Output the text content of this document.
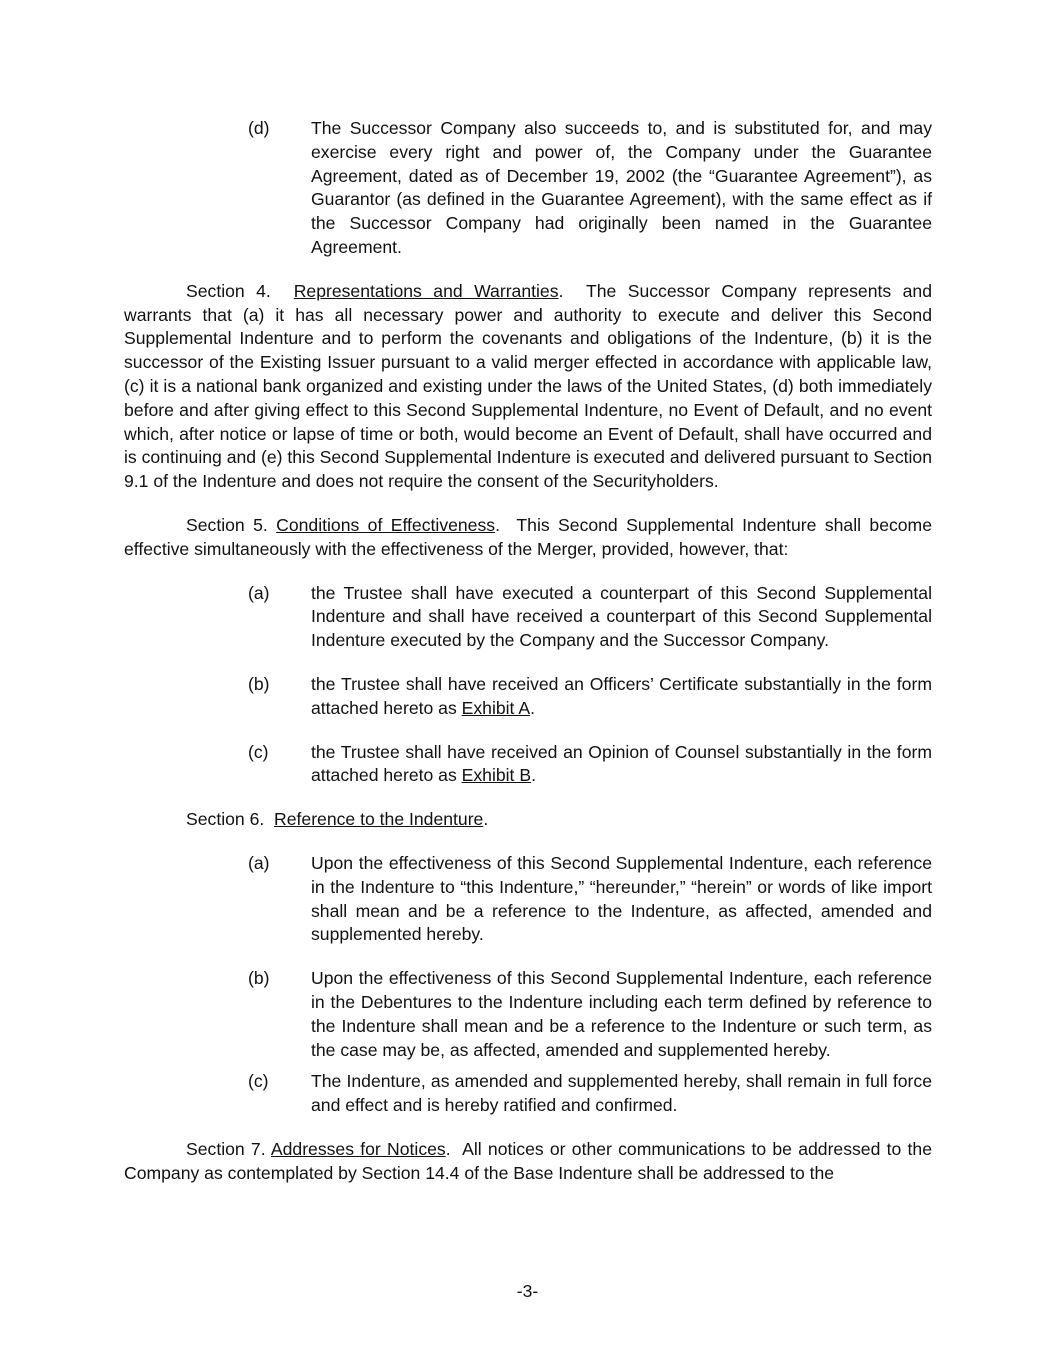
(d) The Successor Company also succeeds to, and is substituted for, and may exercise every right and power of, the Company under the Guarantee Agreement, dated as of December 19, 2002 (the “Guarantee Agreement”), as Guarantor (as defined in the Guarantee Agreement), with the same effect as if the Successor Company had originally been named in the Guarantee Agreement.
Section 4. Representations and Warranties.  The Successor Company represents and warrants that (a) it has all necessary power and authority to execute and deliver this Second Supplemental Indenture and to perform the covenants and obligations of the Indenture, (b) it is the successor of the Existing Issuer pursuant to a valid merger effected in accordance with applicable law, (c) it is a national bank organized and existing under the laws of the United States, (d) both immediately before and after giving effect to this Second Supplemental Indenture, no Event of Default, and no event which, after notice or lapse of time or both, would become an Event of Default, shall have occurred and is continuing and (e) this Second Supplemental Indenture is executed and delivered pursuant to Section 9.1 of the Indenture and does not require the consent of the Securityholders.
Section 5. Conditions of Effectiveness.  This Second Supplemental Indenture shall become effective simultaneously with the effectiveness of the Merger, provided, however, that:
(a) the Trustee shall have executed a counterpart of this Second Supplemental Indenture and shall have received a counterpart of this Second Supplemental Indenture executed by the Company and the Successor Company.
(b) the Trustee shall have received an Officers’ Certificate substantially in the form attached hereto as Exhibit A.
(c) the Trustee shall have received an Opinion of Counsel substantially in the form attached hereto as Exhibit B.
Section 6. Reference to the Indenture.
(a) Upon the effectiveness of this Second Supplemental Indenture, each reference in the Indenture to “this Indenture,” “hereunder,” “herein” or words of like import shall mean and be a reference to the Indenture, as affected, amended and supplemented hereby.
(b) Upon the effectiveness of this Second Supplemental Indenture, each reference in the Debentures to the Indenture including each term defined by reference to the Indenture shall mean and be a reference to the Indenture or such term, as the case may be, as affected, amended and supplemented hereby.
(c) The Indenture, as amended and supplemented hereby, shall remain in full force and effect and is hereby ratified and confirmed.
Section 7. Addresses for Notices.  All notices or other communications to be addressed to the Company as contemplated by Section 14.4 of the Base Indenture shall be addressed to the
-3-
